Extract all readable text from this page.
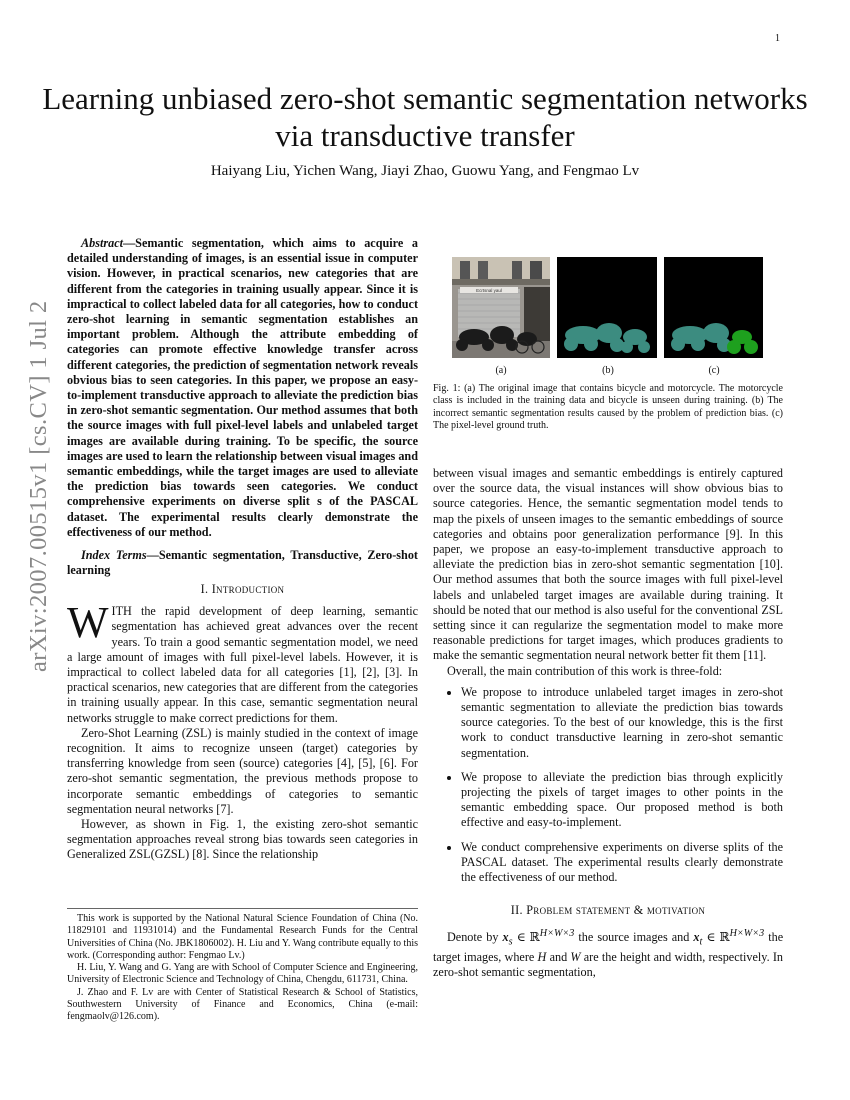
1
arXiv:2007.00515v1 [cs.CV] 1 Jul 2020
Learning unbiased zero-shot semantic segmentation networks via transductive transfer
Haiyang Liu, Yichen Wang, Jiayi Zhao, Guowu Yang, and Fengmao Lv

Abstract—Semantic segmentation, which aims to acquire a detailed understanding of images, is an essential issue in computer vision. However, in practical scenarios, new categories that are different from the categories in training usually appear. Since it is impractical to collect labeled data for all categories, how to conduct zero-shot learning in semantic segmentation establishes an important problem. Although the attribute embedding of categories can promote effective knowledge transfer across different categories, the prediction of segmentation network reveals obvious bias to seen categories. In this paper, we propose an easy-to-implement transductive approach to alleviate the prediction bias in zero-shot semantic segmentation. Our method assumes that both the source images with full pixel-level labels and unlabeled target images are available during training. To be specific, the source images are used to learn the relationship between visual images and semantic embeddings, while the target images are used to alleviate the prediction bias towards seen categories. We conduct comprehensive experiments on diverse split s of the PASCAL dataset. The experimental results clearly demonstrate the effectiveness of our method.

Index Terms—Semantic segmentation, Transductive, Zero-shot learning

I. Introduction

WITH the rapid development of deep learning, semantic segmentation has achieved great advances over the recent years. To train a good semantic segmentation model, we need a large amount of images with full pixel-level labels. However, it is impractical to collect labeled data for all categories [1], [2], [3]. In practical scenarios, new categories that are different from the categories in training usually appear. In this case, semantic segmentation neural networks struggle to make correct predictions for them.

Zero-Shot Learning (ZSL) is mainly studied in the context of image recognition. It aims to recognize unseen (target) categories by transferring knowledge from seen (source) categories [4], [5], [6]. For zero-shot semantic segmentation, the previous methods propose to incorporate semantic embeddings of categories to semantic segmentation neural networks [7].

However, as shown in Fig. 1, the existing zero-shot semantic segmentation approaches reveal strong bias towards seen categories in Generalized ZSL(GZSL) [8]. Since the relationship

This work is supported by the National Natural Science Foundation of China (No. 11829101 and 11931014) and the Fundamental Research Funds for the Central Universities of China (No. JBK1806002). H. Liu and Y. Wang contribute equally to this work. (Corresponding author: Fengmao Lv.)

H. Liu, Y. Wang and G. Yang are with School of Computer Science and Engineering, University of Electronic Science and Technology of China, Chengdu, 611731, China.

J. Zhao and F. Lv are with Center of Statistical Research & School of Statistics, Southwestern University of Finance and Economics, China (e-mail: fengmaolv@126.com).

Ecrtsnal yaul
(a)	(b)	(c)
Fig. 1: (a) The original image that contains bicycle and motorcycle. The motorcycle class is included in the training data and bicycle is unseen during training. (b) The incorrect semantic segmentation results caused by the problem of prediction bias. (c) The pixel-level ground truth.

between visual images and semantic embeddings is entirely captured over the source data, the visual instances will show obvious bias to source categories. Hence, the semantic segmentation model tends to map the pixels of unseen images to the semantic embeddings of source categories and obtains poor generalization performance [9]. In this paper, we propose an easy-to-implement transductive approach to alleviate the prediction bias in zero-shot semantic segmentation [10]. Our method assumes that both the source images with full pixel-level labels and unlabeled target images are available during training. It should be noted that our method is also useful for the conventional ZSL setting since it can regularize the segmentation model to make more reasonable predictions for target images, which produces gradients to make the semantic segmentation neural network better fit them [11].

Overall, the main contribution of this work is three-fold:

• We propose to introduce unlabeled target images in zero-shot semantic segmentation to alleviate the prediction bias towards source categories. To the best of our knowledge, this is the first work to conduct transductive learning in zero-shot semantic segmentation.
• We propose to alleviate the prediction bias through explicitly projecting the pixels of target images to other points in the semantic embedding space. Our proposed method is both effective and easy-to-implement.
• We conduct comprehensive experiments on diverse splits of the PASCAL dataset. The experimental results clearly demonstrate the effectiveness of our method.
II. Problem statement & motivation

Denote by $x_s$ ∈ ℝ$^{H\times W\times 3}$ the source images and $x_t$ ∈ ℝ$^{H\times W\times 3}$ the target images, where H and W are the height and width, respectively. In zero-shot semantic segmentation,
